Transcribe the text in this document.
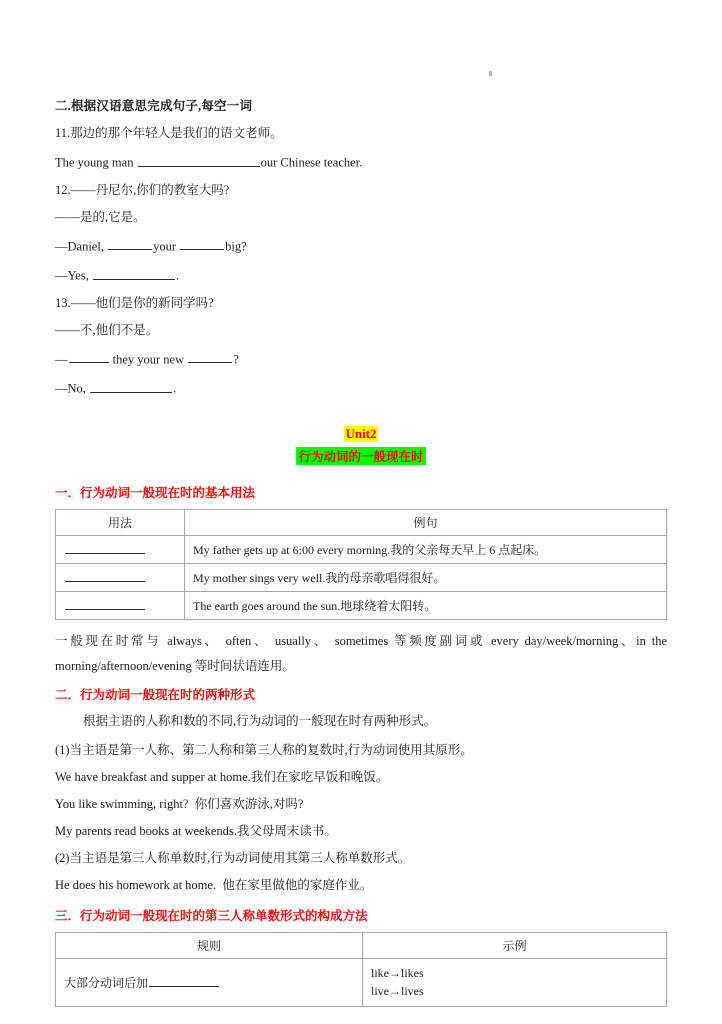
二.根据汉语意思完成句子,每空一词
11.那边的那个年轻人是我们的语文老师。
The young man	our Chinese teacher.
12.——丹尼尔,你们的教室大吗?
——是的,它是。
—Daniel,	your	big?
—Yes,	.
13.——他们是你的新同学吗?
——不,他们不是。
—	they your new	?
—No,	.
Unit2
行为动词的一般现在时
一．行为动词一般现在时的基本用法
用法	例句
	My father gets up at 6:00 every morning.我的父亲每天早上 6 点起床。
	My mother sings very well.我的母亲歌唱得很好。
	The earth goes around the sun.地球绕着太阳转。
一般现在时常与 always、 often、 usually、 sometimes 等频度副词或 every day/week/morning、in the morning/afternoon/evening 等时间状语连用。
二．行为动词一般现在时的两种形式
根据主语的人称和数的不同,行为动词的一般现在时有两种形式。
(1)当主语是第一人称、第二人称和第三人称的复数时,行为动词使用其原形。
We have breakfast and supper at home.我们在家吃早饭和晚饭。
You like swimming, right?  你们喜欢游泳,对吗?
My parents read books at weekends.我父母周末读书。
(2)当主语是第三人称单数时,行为动词使用其第三人称单数形式。
He does his homework at home.  他在家里做他的家庭作业。
三．行为动词一般现在时的第三人称单数形式的构成方法
规则	示例
大部分动词后加	like→likes
live→lives
